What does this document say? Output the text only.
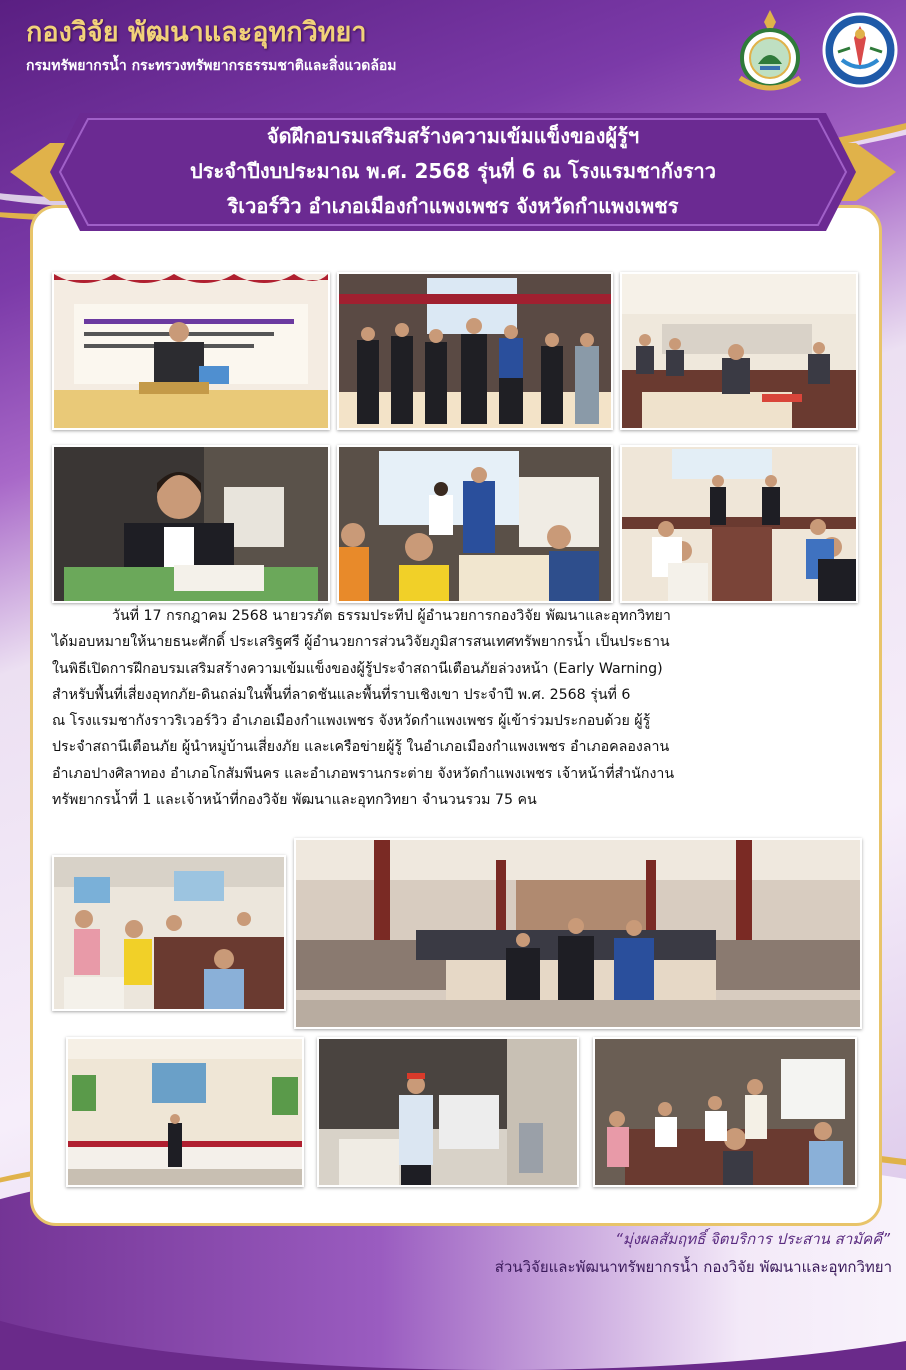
กองวิจัย พัฒนาและอุทกวิทยา
กรมทรัพยากรน้ำ กระทรวงทรัพยากรธรรมชาติและสิ่งแวดล้อม
จัดฝึกอบรมเสริมสร้างความเข้มแข็งของผู้รู้ฯ
ประจำปีงบประมาณ พ.ศ. 2568 รุ่นที่ 6 ณ โรงแรมชากังราว
ริเวอร์วิว อำเภอเมืองกำแพงเพชร จังหวัดกำแพงเพชร

วันที่ 17 กรกฎาคม 2568 นายวรภัต ธรรมประทีป ผู้อำนวยการกองวิจัย พัฒนาและอุทกวิทยา

ได้มอบหมายให้นายธนะศักดิ์ ประเสริฐศรี ผู้อำนวยการส่วนวิจัยภูมิสารสนเทศทรัพยากรน้ำ เป็นประธาน

ในพิธีเปิดการฝึกอบรมเสริมสร้างความเข้มแข็งของผู้รู้ประจำสถานีเตือนภัยล่วงหน้า (Early Warning)

สำหรับพื้นที่เสี่ยงอุทกภัย-ดินถล่มในพื้นที่ลาดชันและพื้นที่ราบเชิงเขา ประจำปี พ.ศ. 2568 รุ่นที่ 6

ณ โรงแรมชากังราวริเวอร์วิว อำเภอเมืองกำแพงเพชร จังหวัดกำแพงเพชร ผู้เข้าร่วมประกอบด้วย ผู้รู้

ประจำสถานีเตือนภัย ผู้นำหมู่บ้านเสี่ยงภัย และเครือข่ายผู้รู้ ในอำเภอเมืองกำแพงเพชร อำเภอคลองลาน

อำเภอปางศิลาทอง อำเภอโกสัมพีนคร และอำเภอพรานกระต่าย จังหวัดกำแพงเพชร เจ้าหน้าที่สำนักงาน

ทรัพยากรน้ำที่ 1 และเจ้าหน้าที่กองวิจัย พัฒนาและอุทกวิทยา จำนวนรวม 75 คน

“มุ่งผลสัมฤทธิ์ จิตบริการ ประสาน สามัคคี”
ส่วนวิจัยและพัฒนาทรัพยากรน้ำ กองวิจัย พัฒนาและอุทกวิทยา
